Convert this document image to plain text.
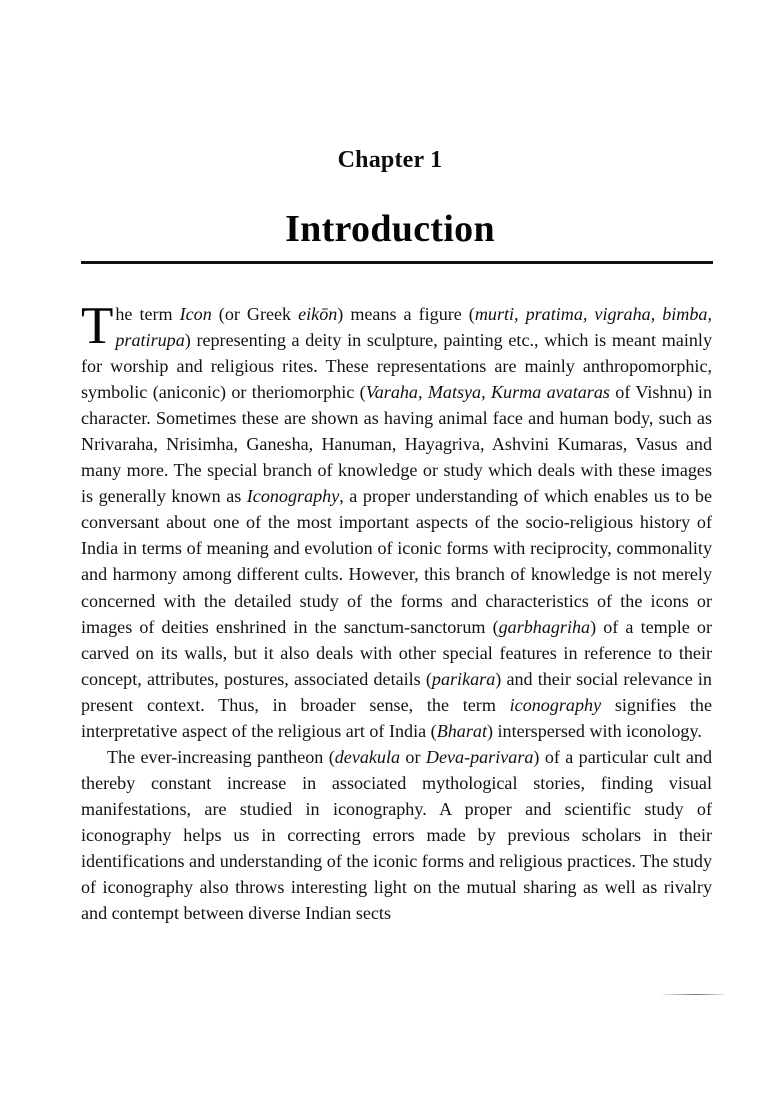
Chapter 1
Introduction

The term Icon (or Greek eikōn) means a figure (murti, pratima, vigraha, bimba, pratirupa) representing a deity in sculpture, painting etc., which is meant mainly for worship and religious rites. These representations are mainly anthropomorphic, symbolic (aniconic) or theriomorphic (Varaha, Matsya, Kurma avataras of Vishnu) in character. Sometimes these are shown as having animal face and human body, such as Nrivaraha, Nrisimha, Ganesha, Hanuman, Hayagriva, Ashvini Kumaras, Vasus and many more. The special branch of knowledge or study which deals with these images is generally known as Iconography, a proper understanding of which enables us to be conversant about one of the most important aspects of the socio-religious history of India in terms of meaning and evolution of iconic forms with reciprocity, commonality and harmony among different cults. However, this branch of knowledge is not merely concerned with the detailed study of the forms and characteristics of the icons or images of deities enshrined in the sanctum-sanctorum (garbhagriha) of a temple or carved on its walls, but it also deals with other special features in reference to their concept, attributes, postures, associated details (parikara) and their social relevance in present context. Thus, in broader sense, the term iconography signifies the interpretative aspect of the religious art of India (Bharat) interspersed with iconology.

The ever-increasing pantheon (devakula or Deva-parivara) of a particular cult and thereby constant increase in associated mythological stories, finding visual manifestations, are studied in iconography. A proper and scientific study of iconography helps us in correcting errors made by previous scholars in their identifications and understanding of the iconic forms and religious practices. The study of iconography also throws interesting light on the mutual sharing as well as rivalry and contempt between diverse Indian sects
